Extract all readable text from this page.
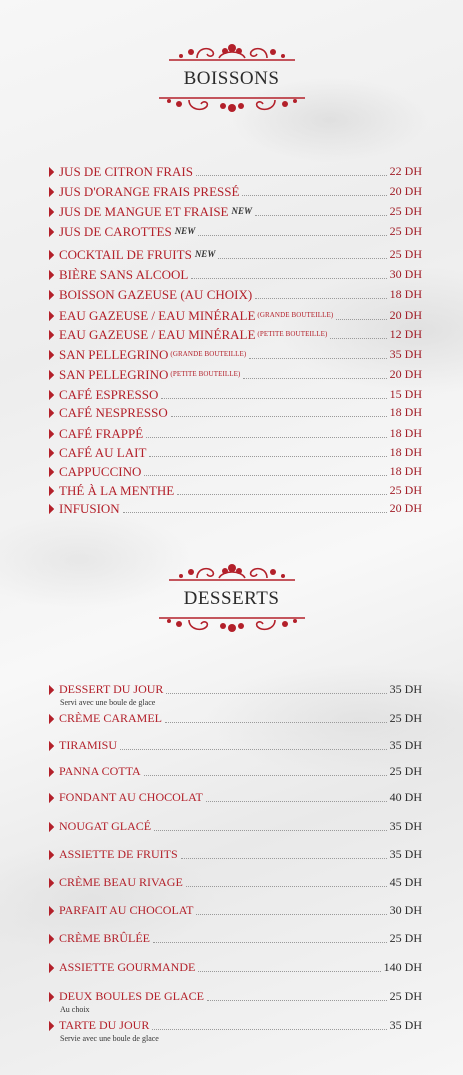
BOISSONS
JUS DE CITRON FRAIS	22 DH
JUS D'ORANGE FRAIS PRESSÉ	20 DH
JUS DE MANGUE ET FRAISE NEW	25 DH
JUS DE CAROTTES NEW	25 DH
COCKTAIL DE FRUITS NEW	25 DH
BIÈRE SANS ALCOOL	30 DH
BOISSON GAZEUSE (AU CHOIX)	18 DH
EAU GAZEUSE / EAU MINÉRALE (GRANDE BOUTEILLE)	20 DH
EAU GAZEUSE / EAU MINÉRALE (PETITE BOUTEILLE)	12 DH
SAN PELLEGRINO (GRANDE BOUTEILLE)	35 DH
SAN PELLEGRINO (PETITE BOUTEILLE)	20 DH
CAFÉ ESPRESSO	15 DH
CAFÉ NESPRESSO	18 DH
CAFÉ FRAPPÉ	18 DH
CAFÉ AU LAIT	18 DH
CAPPUCCINO	18 DH
THÉ À LA MENTHE	25 DH
INFUSION	20 DH
DESSERTS
DESSERT DU JOUR	35 DH
Servi avec une boule de glace
CRÈME CARAMEL	25 DH
TIRAMISU	35 DH
PANNA COTTA	25 DH
FONDANT AU CHOCOLAT	40 DH
NOUGAT GLACÉ	35 DH
ASSIETTE DE FRUITS	35 DH
CRÈME BEAU RIVAGE	45 DH
PARFAIT AU CHOCOLAT	30 DH
CRÈME BRÛLÉE	25 DH
ASSIETTE GOURMANDE	140 DH
DEUX BOULES DE GLACE	25 DH
Au choix
TARTE DU JOUR	35 DH
Servie avec une boule de glace
